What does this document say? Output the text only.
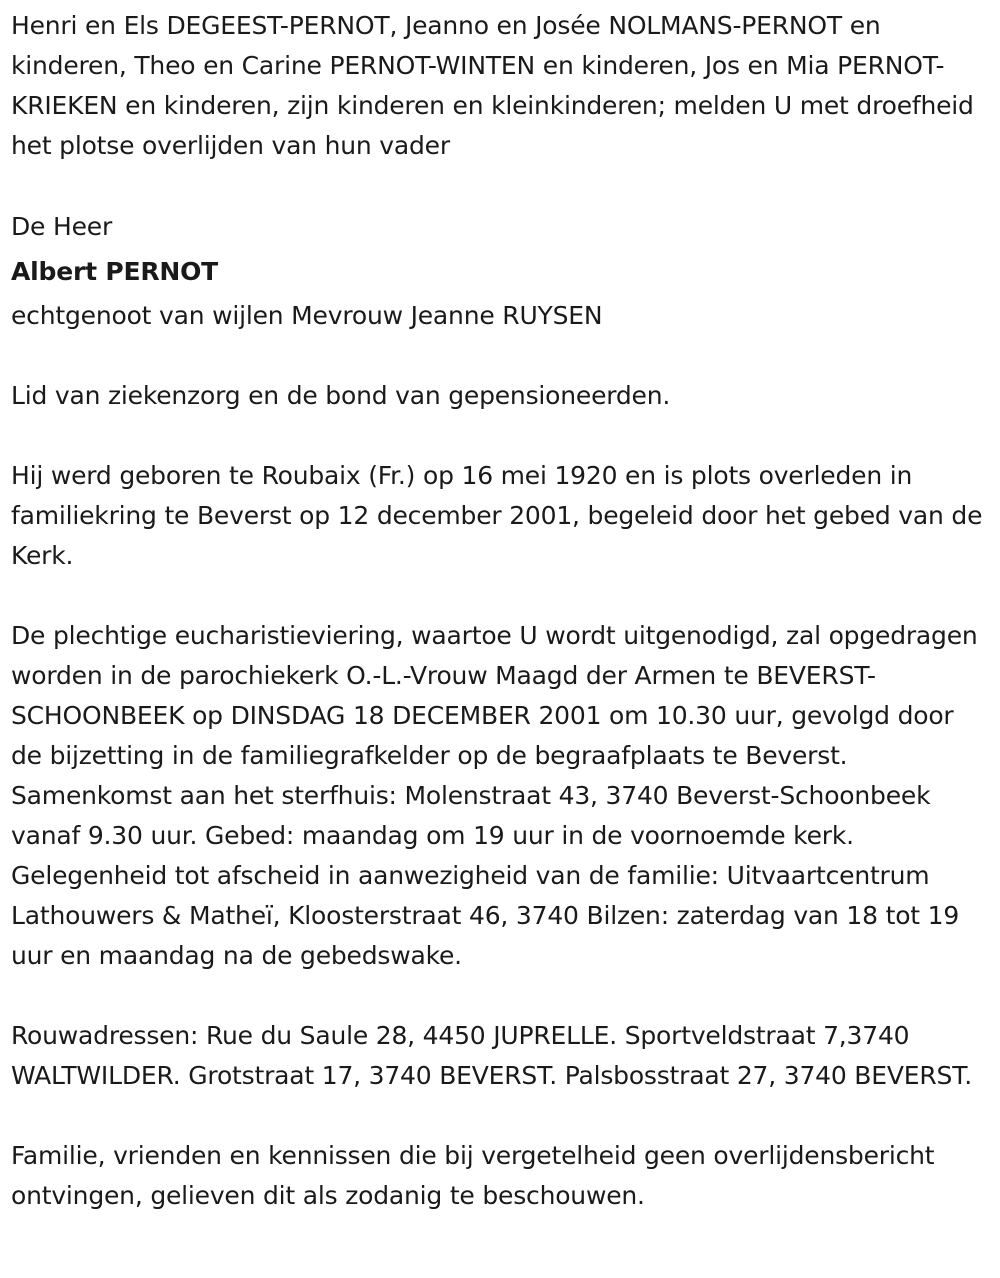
Henri en Els DEGEEST-PERNOT, Jeanno en Josée NOLMANS-PERNOT en kinderen, Theo en Carine PERNOT-WINTEN en kinderen, Jos en Mia PERNOT-KRIEKEN en kinderen, zijn kinderen en kleinkinderen; melden U met droefheid het plotse overlijden van hun vader

De Heer

Albert PERNOT

echtgenoot van wijlen Mevrouw Jeanne RUYSEN

Lid van ziekenzorg en de bond van gepensioneerden.

Hij werd geboren te Roubaix (Fr.) op 16 mei 1920 en is plots overleden in familiekring te Beverst op 12 december 2001, begeleid door het gebed van de Kerk.

De plechtige eucharistieviering, waartoe U wordt uitgenodigd, zal opgedragen worden in de parochiekerk O.-L.-Vrouw Maagd der Armen te BEVERST-SCHOONBEEK op DINSDAG 18 DECEMBER 2001 om 10.30 uur, gevolgd door de bijzetting in de familiegrafkelder op de begraafplaats te Beverst. Samenkomst aan het sterfhuis: Molenstraat 43, 3740 Beverst-Schoonbeek vanaf 9.30 uur. Gebed: maandag om 19 uur in de voornoemde kerk. Gelegenheid tot afscheid in aanwezigheid van de familie: Uitvaartcentrum Lathouwers & Matheï, Kloosterstraat 46, 3740 Bilzen: zaterdag van 18 tot 19 uur en maandag na de gebedswake.

Rouwadressen: Rue du Saule 28, 4450 JUPRELLE. Sportveldstraat 7,3740 WALTWILDER. Grotstraat 17, 3740 BEVERST. Palsbosstraat 27, 3740 BEVERST.

Familie, vrienden en kennissen die bij vergetelheid geen overlijdensbericht ontvingen, gelieven dit als zodanig te beschouwen.
